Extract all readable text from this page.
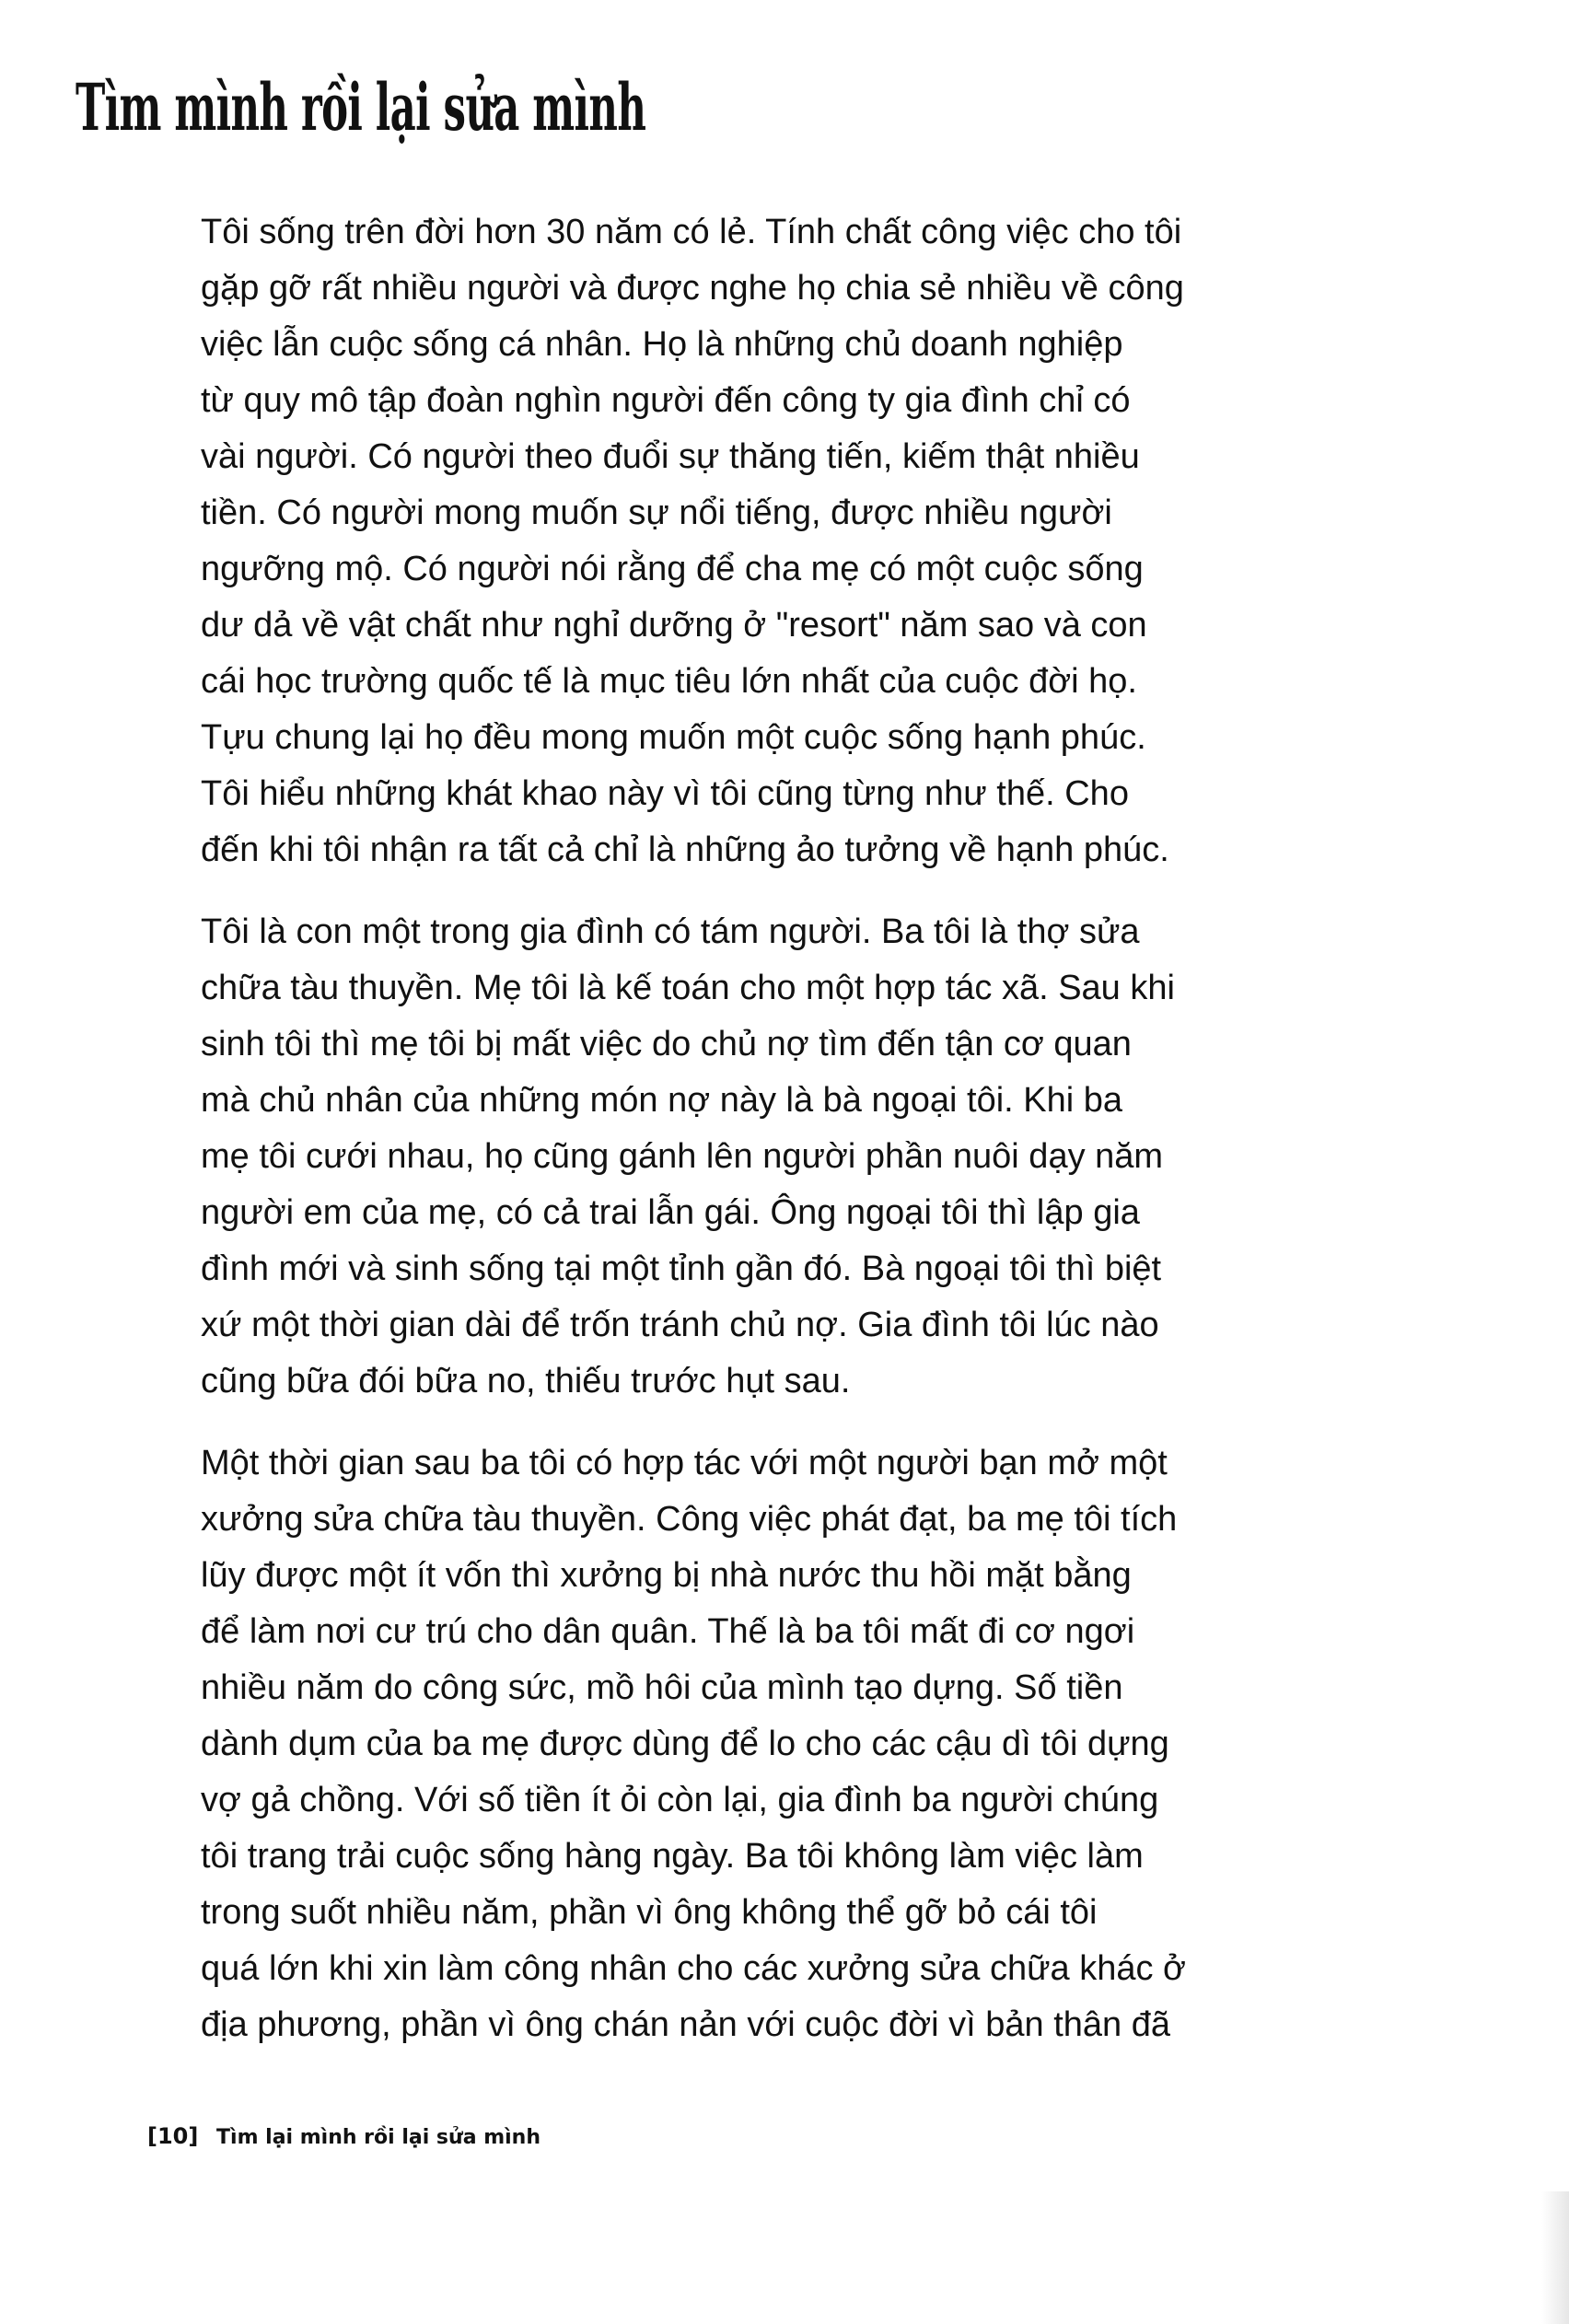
Tìm mình rồi lại sửa mình
Tôi sống trên đời hơn 30 năm có lẻ. Tính chất công việc cho tôi
gặp gỡ rất nhiều người và được nghe họ chia sẻ nhiều về công
việc lẫn cuộc sống cá nhân. Họ là những chủ doanh nghiệp
từ quy mô tập đoàn nghìn người đến công ty gia đình chỉ có
vài người. Có người theo đuổi sự thăng tiến, kiếm thật nhiều
tiền. Có người mong muốn sự nổi tiếng, được nhiều người
ngưỡng mộ. Có người nói rằng để cha mẹ có một cuộc sống
dư dả về vật chất như nghỉ dưỡng ở "resort" năm sao và con
cái học trường quốc tế là mục tiêu lớn nhất của cuộc đời họ.
Tựu chung lại họ đều mong muốn một cuộc sống hạnh phúc.
Tôi hiểu những khát khao này vì tôi cũng từng như thế. Cho
đến khi tôi nhận ra tất cả chỉ là những ảo tưởng về hạnh phúc.
Tôi là con một trong gia đình có tám người. Ba tôi là thợ sửa
chữa tàu thuyền. Mẹ tôi là kế toán cho một hợp tác xã. Sau khi
sinh tôi thì mẹ tôi bị mất việc do chủ nợ tìm đến tận cơ quan
mà chủ nhân của những món nợ này là bà ngoại tôi. Khi ba
mẹ tôi cưới nhau, họ cũng gánh lên người phần nuôi dạy năm
người em của mẹ, có cả trai lẫn gái. Ông ngoại tôi thì lập gia
đình mới và sinh sống tại một tỉnh gần đó. Bà ngoại tôi thì biệt
xứ một thời gian dài để trốn tránh chủ nợ. Gia đình tôi lúc nào
cũng bữa đói bữa no, thiếu trước hụt sau.
Một thời gian sau ba tôi có hợp tác với một người bạn mở một
xưởng sửa chữa tàu thuyền. Công việc phát đạt, ba mẹ tôi tích
lũy được một ít vốn thì xưởng bị nhà nước thu hồi mặt bằng
để làm nơi cư trú cho dân quân. Thế là ba tôi mất đi cơ ngơi
nhiều năm do công sức, mồ hôi của mình tạo dựng. Số tiền
dành dụm của ba mẹ được dùng để lo cho các cậu dì tôi dựng
vợ gả chồng. Với số tiền ít ỏi còn lại, gia đình ba người chúng
tôi trang trải cuộc sống hàng ngày. Ba tôi không làm việc làm
trong suốt nhiều năm, phần vì ông không thể gỡ bỏ cái tôi
quá lớn khi xin làm công nhân cho các xưởng sửa chữa khác ở
địa phương, phần vì ông chán nản với cuộc đời vì bản thân đã
[10] Tìm lại mình rồi lại sửa mình
